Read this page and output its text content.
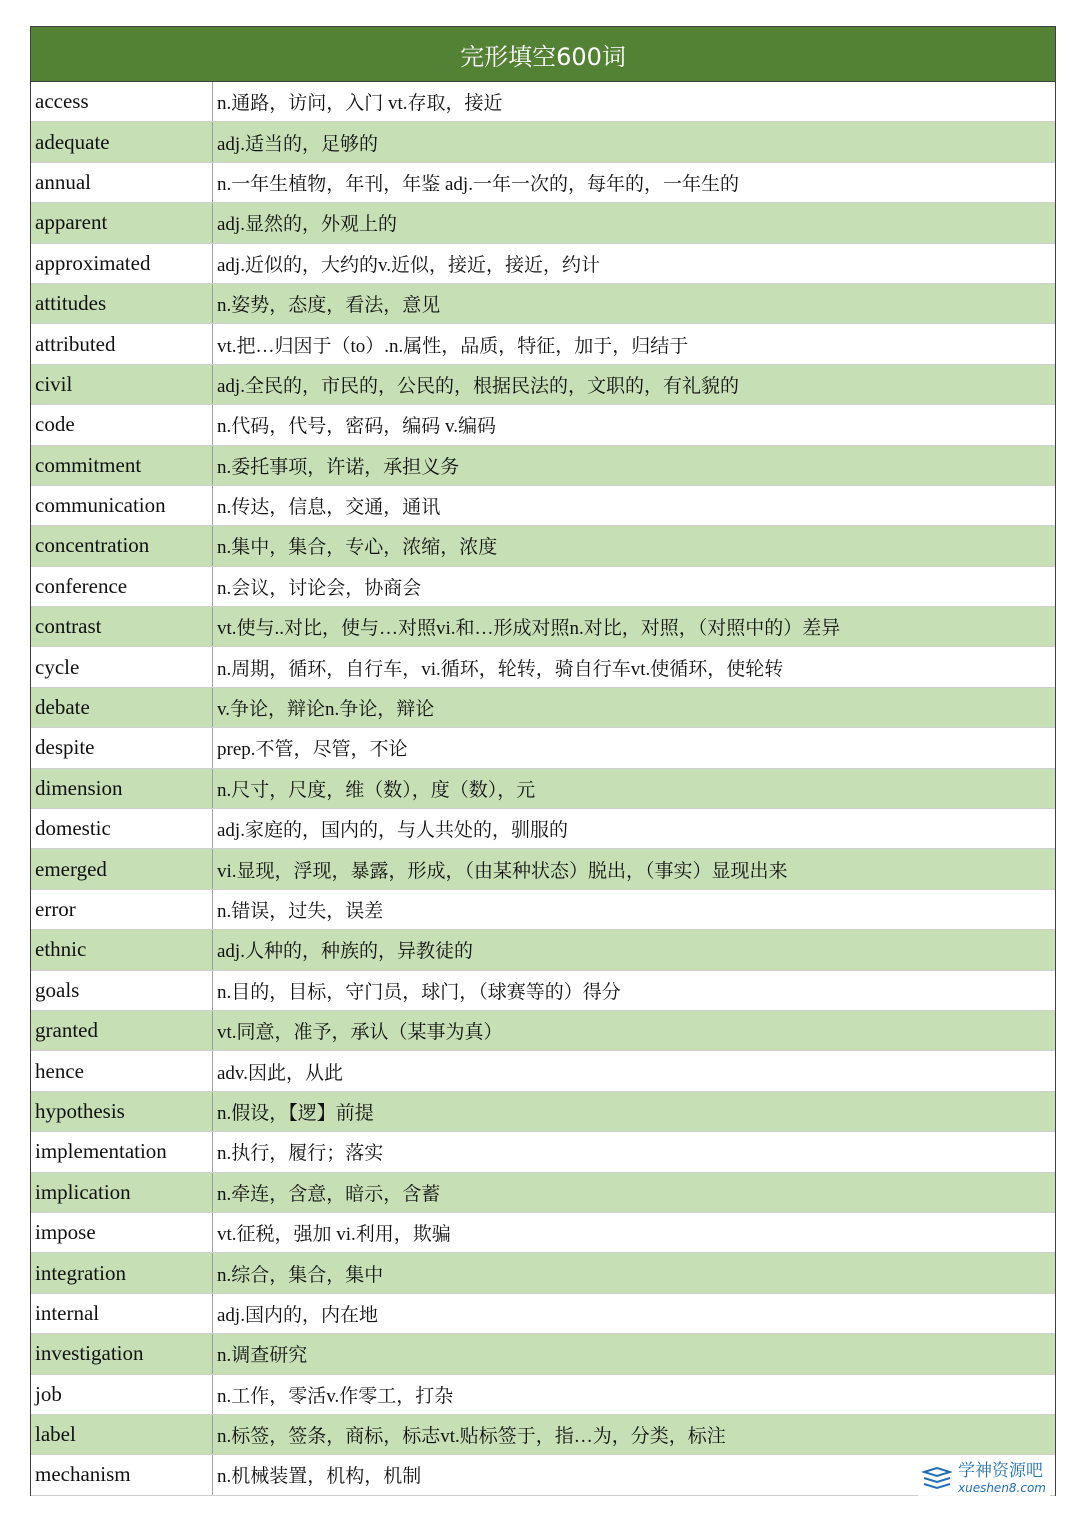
完形填空600词
access	n.通路，访问，入门 vt.存取，接近
adequate	adj.适当的，足够的
annual	n.一年生植物，年刊，年鉴 adj.一年一次的，每年的，一年生的
apparent	adj.显然的，外观上的
approximated	adj.近似的，大约的v.近似，接近，接近，约计
attitudes	n.姿势，态度，看法，意见
attributed	vt.把…归因于（to）.n.属性，品质，特征，加于，归结于
civil	adj.全民的，市民的，公民的，根据民法的，文职的，有礼貌的
code	n.代码，代号，密码，编码 v.编码
commitment	n.委托事项，许诺，承担义务
communication	n.传达，信息，交通，通讯
concentration	n.集中，集合，专心，浓缩，浓度
conference	n.会议，讨论会，协商会
contrast	vt.使与..对比，使与…对照vi.和…形成对照n.对比，对照，（对照中的）差异
cycle	n.周期，循环，自行车，vi.循环，轮转，骑自行车vt.使循环，使轮转
debate	v.争论，辩论n.争论，辩论
despite	prep.不管，尽管，不论
dimension	n.尺寸，尺度，维（数），度（数），元
domestic	adj.家庭的，国内的，与人共处的，驯服的
emerged	vi.显现，浮现，暴露，形成，（由某种状态）脱出，（事实）显现出来
error	n.错误，过失，误差
ethnic	adj.人种的，种族的，异教徒的
goals	n.目的，目标，守门员，球门，（球赛等的）得分
granted	vt.同意，准予，承认（某事为真）
hence	adv.因此，从此
hypothesis	n.假设，【逻】前提
implementation	n.执行，履行；落实
implication	n.牵连，含意，暗示，含蓄
impose	vt.征税，强加 vi.利用，欺骗
integration	n.综合，集合，集中
internal	adj.国内的，内在地
investigation	n.调查研究
job	n.工作，零活v.作零工，打杂
label	n.标签，签条，商标，标志vt.贴标签于，指…为，分类，标注
mechanism	n.机械装置，机构，机制	学神资源吧
xueshen8.com
